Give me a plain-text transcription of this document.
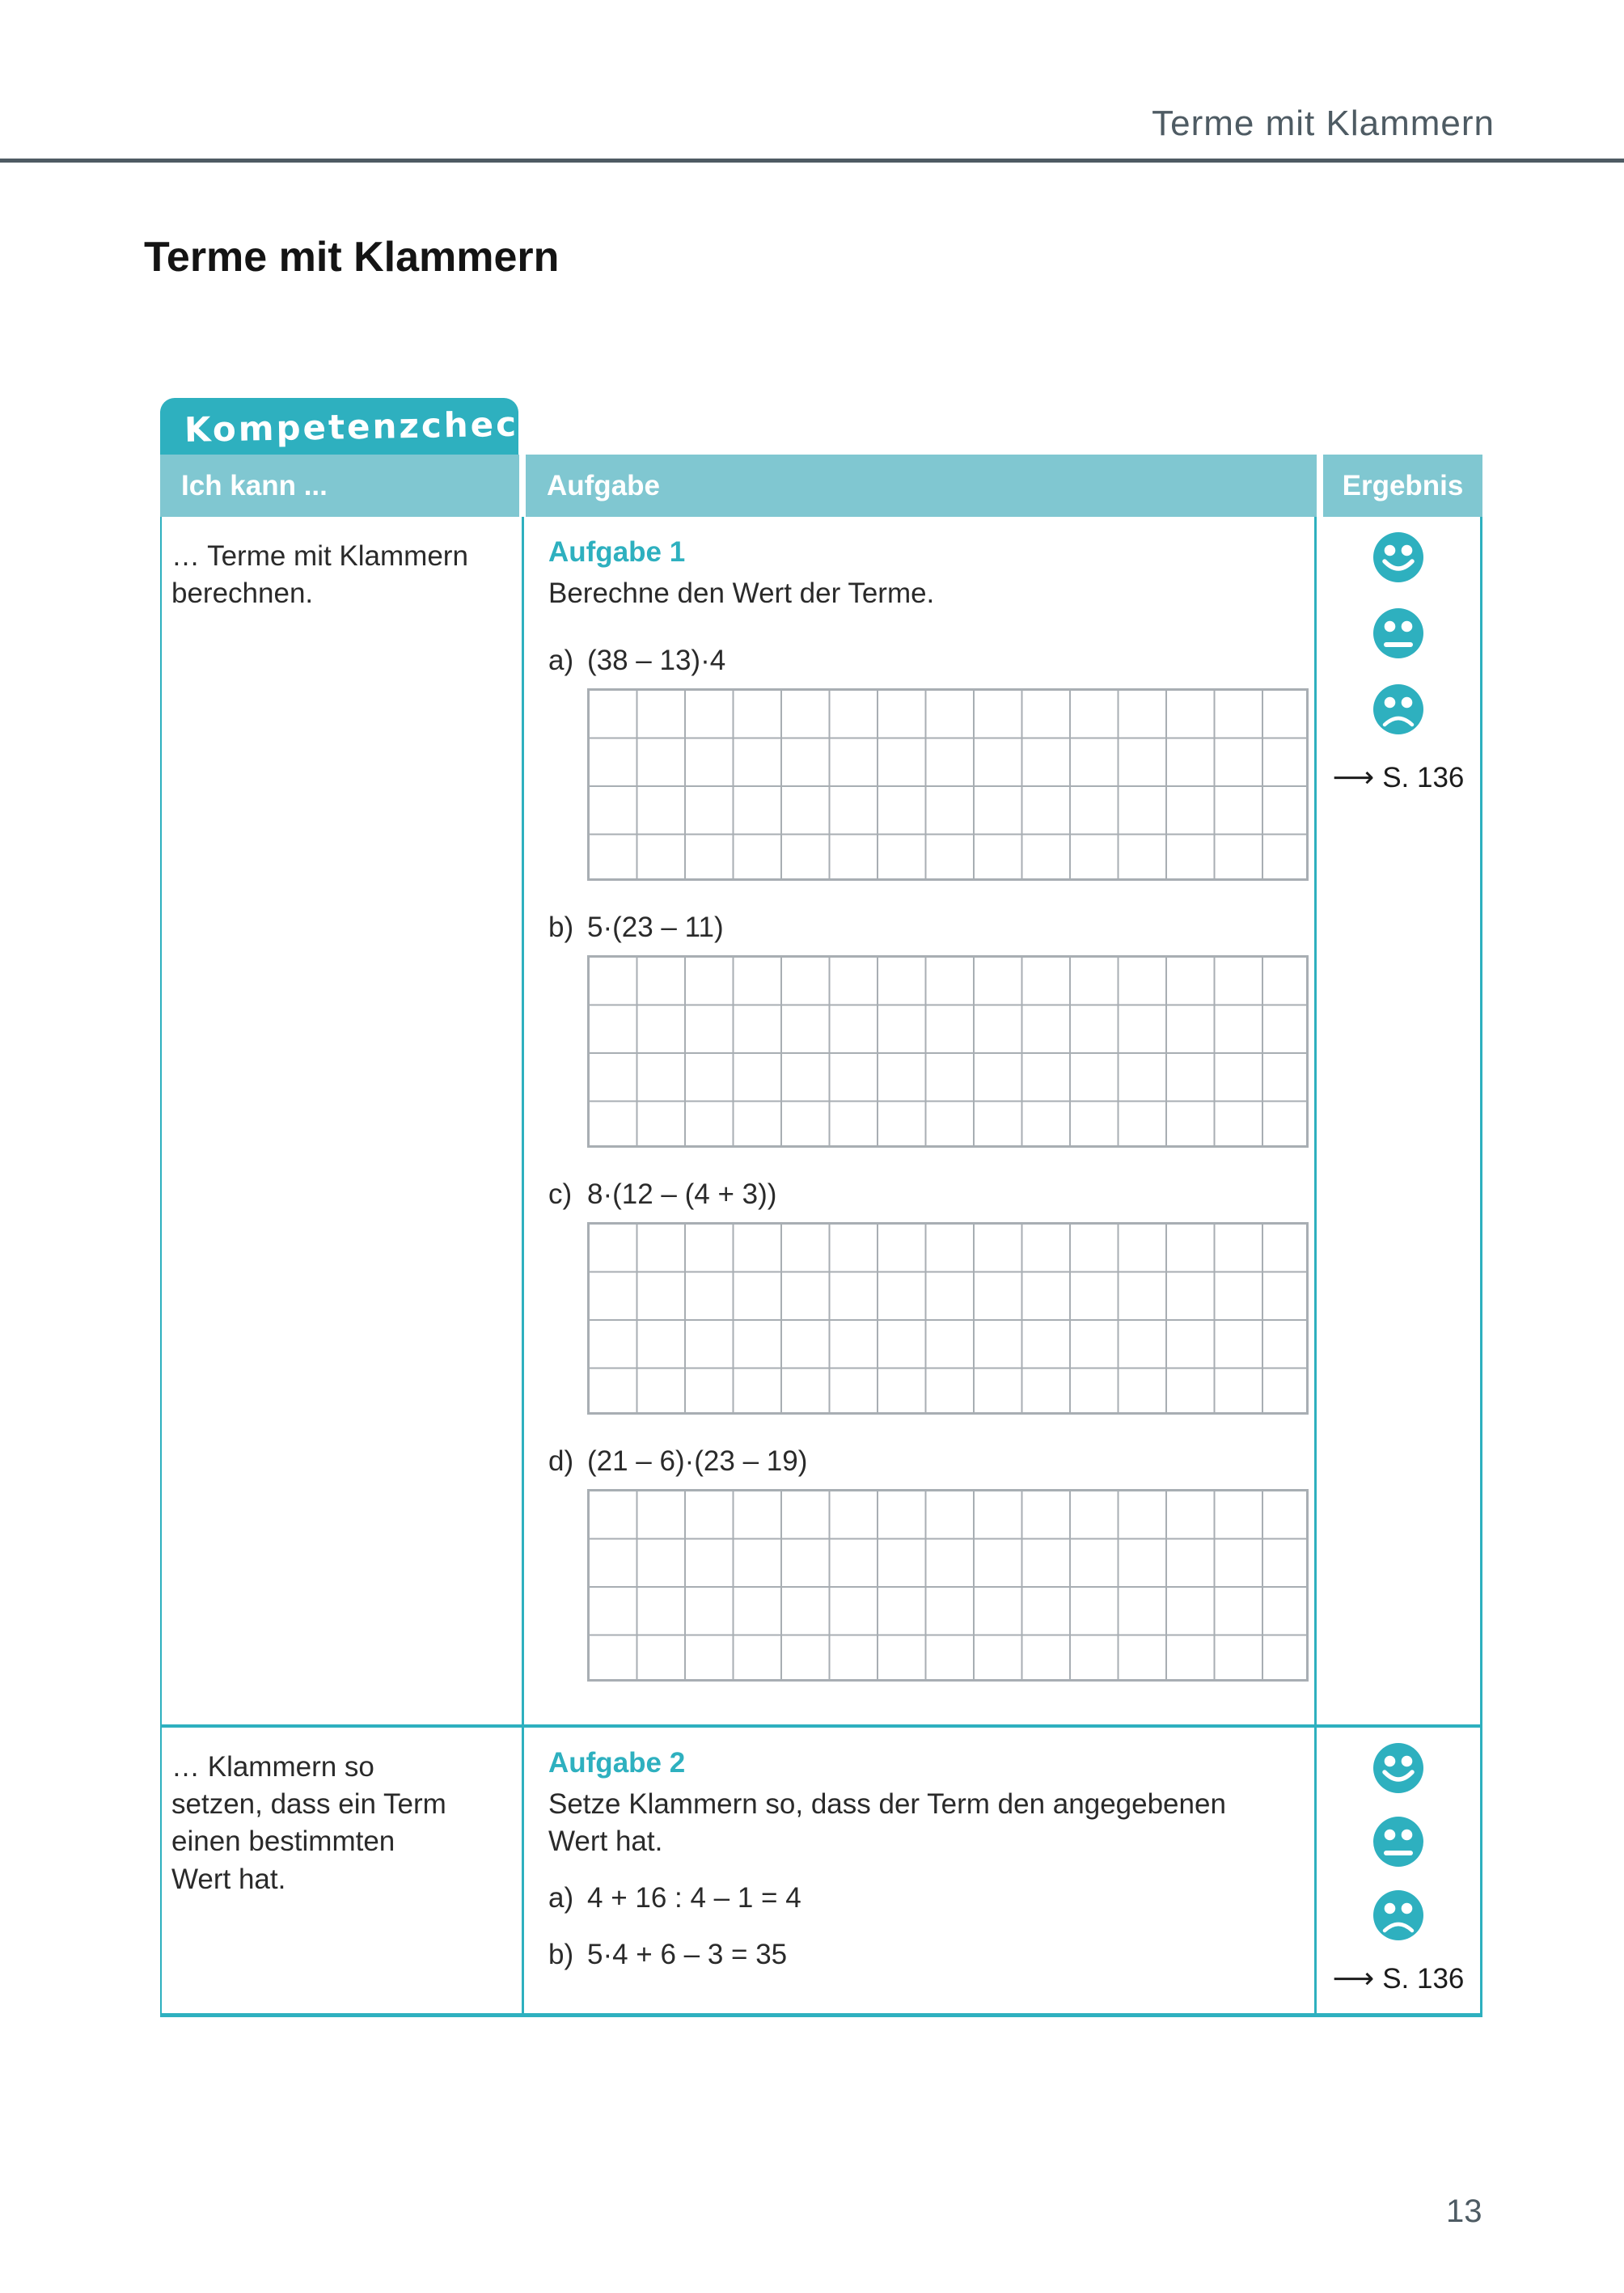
Terme mit Klammern
Terme mit Klammern
Kompetenzcheck
Ich kann ...	Aufgabe	Ergebnis
… Terme mit Klammern
berechnen.
Aufgabe 1
Berechne den Wert der Terme.
a) (38 – 13)·4
b) 5·(23 – 11)
c) 8·(12 – (4 + 3))
d) (21 – 6)·(23 – 19)
⟶ S. 136
… Klammern so
setzen, dass ein Term
einen bestimmten
Wert hat.
Aufgabe 2
Setze Klammern so, dass der Term den angegebenen
Wert hat.
a) 4 + 16 : 4 – 1 = 4
b) 5·4 + 6 – 3 = 35
⟶ S. 136
13
